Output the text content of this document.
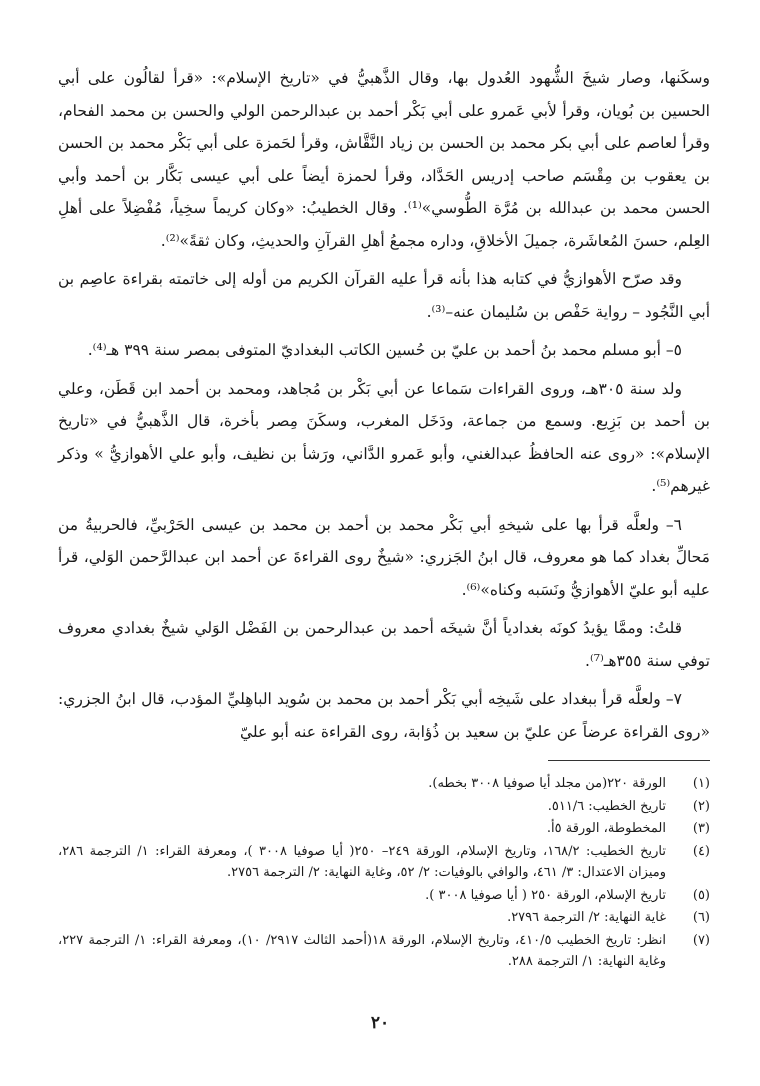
وسكَنها، وصار شيخَ الشُّهود العُدول بها، وقال الذَّهبيُّ في «تاريخ الإسلام»: «قرأ لقالُون على أبي الحسين بن بُويان، وقرأ لأبي عَمرو على أبي بَكْر أحمد بن عبدالرحمن الولي والحسن بن محمد الفحام، وقرأ لعاصم على أبي بكر محمد بن الحسن بن زياد النَّقَّاش، وقرأ لحَمزة على أبي بَكْر محمد بن الحسن بن يعقوب بن مِقْسَم صاحب إدريس الحَدَّاد، وقرأ لحمزة أيضاً على أبي عيسى بَكَّار بن أحمد وأبي الحسن محمد بن عبدالله بن مُرَّة الطُّوسي»⁽¹⁾. وقال الخطيبُ: «وكان كريماً سخِياً، مُفْضِلاً على أهلِ العِلم، حسنَ المُعاشَرة، جميلَ الأخلاقِ، وداره مجمعُ أهلِ القرآنِ والحديثِ، وكان ثقةً»⁽²⁾.

وقد صرّح الأهوازيُّ في كتابه هذا بأنه قرأ عليه القرآن الكريم من أوله إلى خاتمته بقراءة عاصِم بن أبي النَّجُود – رواية حَفْص بن سُليمان عنه–⁽³⁾.

٥– أبو مسلم محمد بنُ أحمد بن عليّ بن حُسين الكاتب البغداديّ المتوفى بمصر سنة ٣٩٩ هـ⁽⁴⁾.

ولد سنة ٣٠٥هـ، وروى القراءات سَماعا عن أبي بَكْر بن مُجاهد، ومحمد بن أحمد ابن قَطَن، وعلي بن أحمد بن بَزِيع. وسمع من جماعة، ودَخَل المغرب، وسكَنَ مِصر بأخرة، قال الذَّهبيُّ في «تاريخ الإسلام»: «روى عنه الحافظُ عبدالغني، وأبو عَمرو الدَّاني، ورَشأ بن نظيف، وأبو علي الأهوازيُّ » وذكر غيرهم⁽⁵⁾.

٦– ولعلَّه قرأ بها على شيخهِ أبي بَكْر محمد بن أحمد بن محمد بن عيسى الحَرْبيِّ، فالحربيةُ من مَحالِّ بغداد كما هو معروف، قال ابنُ الجَزري: «شيخٌ روى القراءةَ عن أحمد ابن عبدالرَّحمن الوَلي، قرأ عليه أبو عليّ الأهوازيُّ ونَسَبه وكناه»⁽⁶⁾.

قلتُ: وممَّا يؤيدُ كونَه بغدادياً أنَّ شيخَه أحمد بن عبدالرحمن بن الفَضْل الوَلي شيخٌ بغدادي معروف توفي سنة ٣٥٥هـ⁽⁷⁾.

٧– ولعلَّه قرأ ببغداد على شَيخِه أبي بَكْر أحمد بن محمد بن سُويد الباهِليِّ المؤدب، قال ابنُ الجزري: «روى القراءة عرضاً عن عليّ بن سعيد بن ذُؤابة، روى القراءة عنه أبو عليّ

(١)
الورقة ٢٢٠(من مجلد أيا صوفيا ٣٠٠٨ بخطه).
(٢)
تاريخ الخطيب: ٥١١/٦.
(٣)
المخطوطة، الورقة ٥أ.
(٤)
تاريخ الخطيب: ١٦٨/٢، وتاريخ الإسلام، الورقة ٢٤٩– ٢٥٠( أيا صوفيا ٣٠٠٨ )، ومعرفة القراء: ١/ الترجمة ٢٨٦، وميزان الاعتدال: ٣/ ٤٦١، والوافي بالوفيات: ٢/ ٥٢، وغاية النهاية: ٢/ الترجمة ٢٧٥٦.
(٥)
تاريخ الإسلام، الورقة ٢٥٠ ( أيا صوفيا ٣٠٠٨ ).
(٦)
غاية النهاية: ٢/ الترجمة ٢٧٩٦.
(٧)
انظر: تاريخ الخطيب ٤١٠/٥، وتاريخ الإسلام، الورقة ١٨(أحمد الثالث ٢٩١٧/ ١٠)، ومعرفة القراء: ١/ الترجمة ٢٢٧، وغاية النهاية: ١/ الترجمة ٢٨٨.
٢٠
